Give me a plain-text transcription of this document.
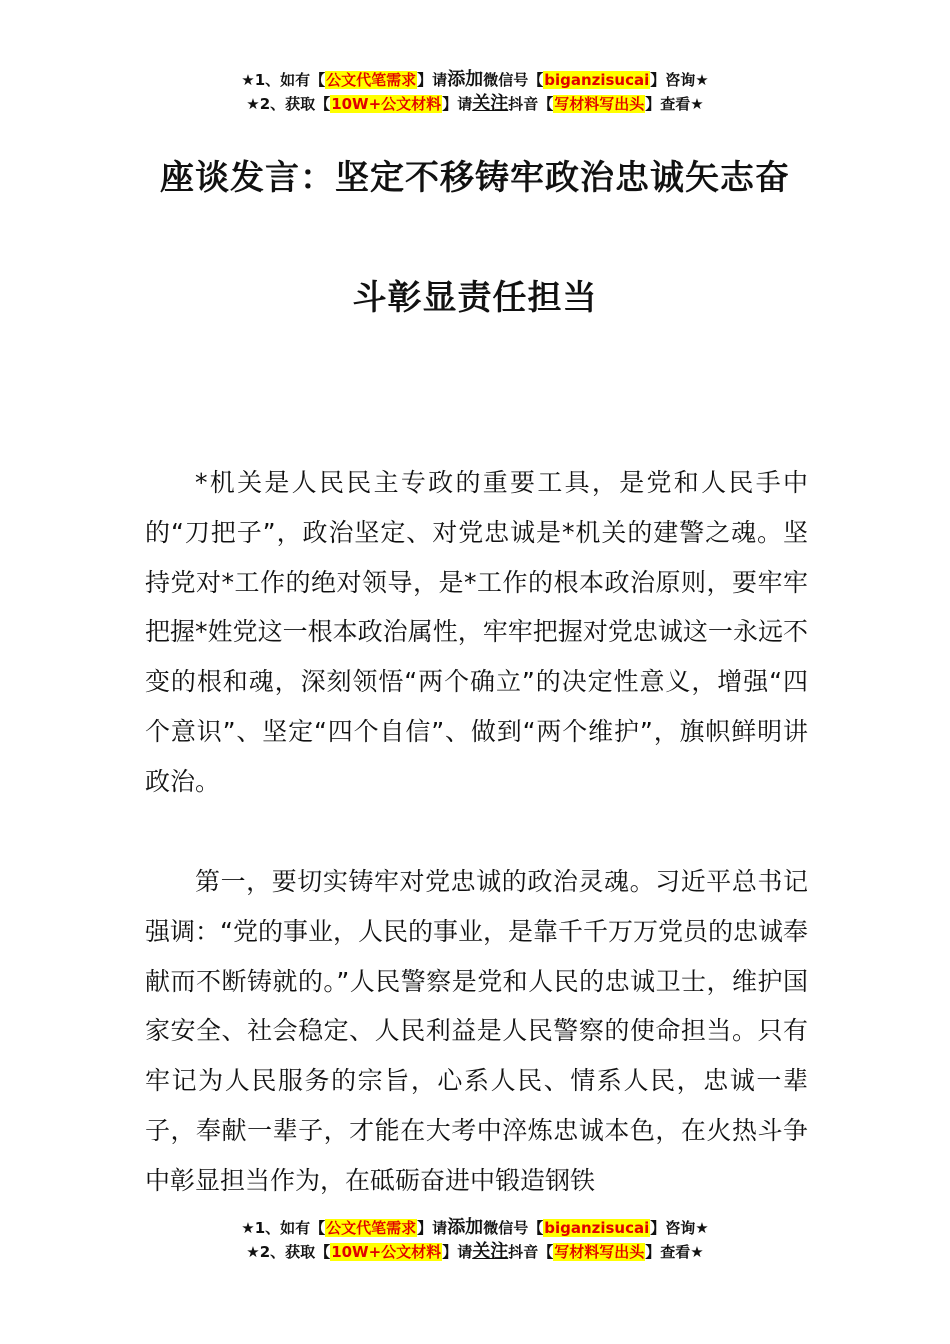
★1、如有【公文代笔需求】请添加微信号【biganzisucai】咨询★
★2、获取【10W+公文材料】请关注抖音【写材料写出头】查看★
座谈发言：坚定不移铸牢政治忠诚矢志奋
斗彰显责任担当

*机关是人民民主专政的重要工具，是党和人民手中的“刀把子”，政治坚定、对党忠诚是*机关的建警之魂。坚持党对*工作的绝对领导，是*工作的根本政治原则，要牢牢把握*姓党这一根本政治属性，牢牢把握对党忠诚这一永远不变的根和魂，深刻领悟“两个确立”的决定性意义，增强“四个意识”、坚定“四个自信”、做到“两个维护”，旗帜鲜明讲政治。

第一，要切实铸牢对党忠诚的政治灵魂。习近平总书记强调：“党的事业，人民的事业，是靠千千万万党员的忠诚奉献而不断铸就的。”人民警察是党和人民的忠诚卫士，维护国家安全、社会稳定、人民利益是人民警察的使命担当。只有牢记为人民服务的宗旨，心系人民、情系人民，忠诚一辈子，奉献一辈子，才能在大考中淬炼忠诚本色，在火热斗争中彰显担当作为，在砥砺奋进中锻造钢铁

★1、如有【公文代笔需求】请添加微信号【biganzisucai】咨询★
★2、获取【10W+公文材料】请关注抖音【写材料写出头】查看★
